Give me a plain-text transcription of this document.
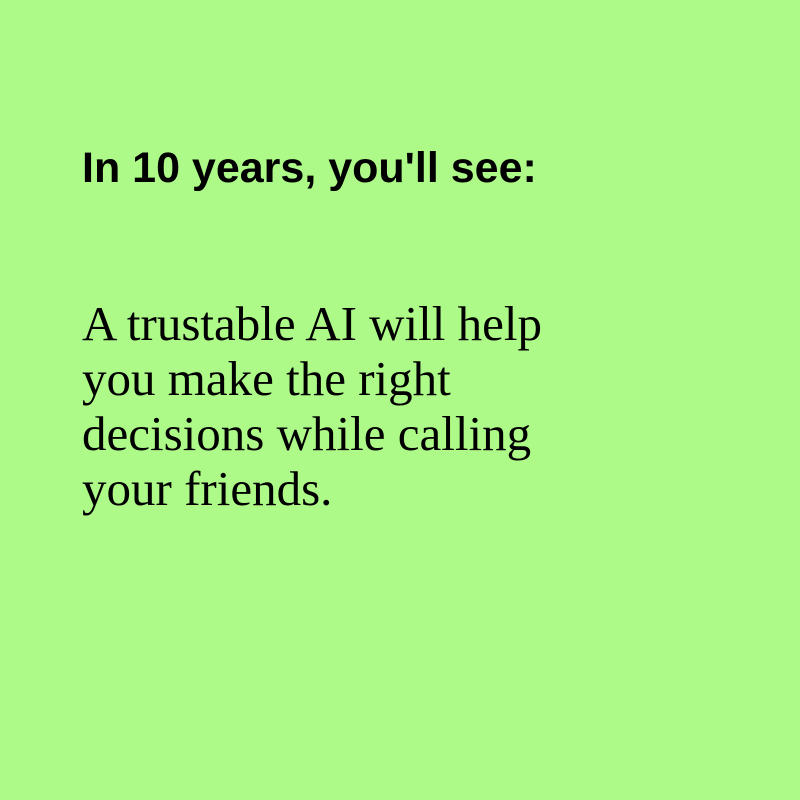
In 10 years, you'll see:

A trustable AI will help
you make the right
decisions while calling
your friends.
